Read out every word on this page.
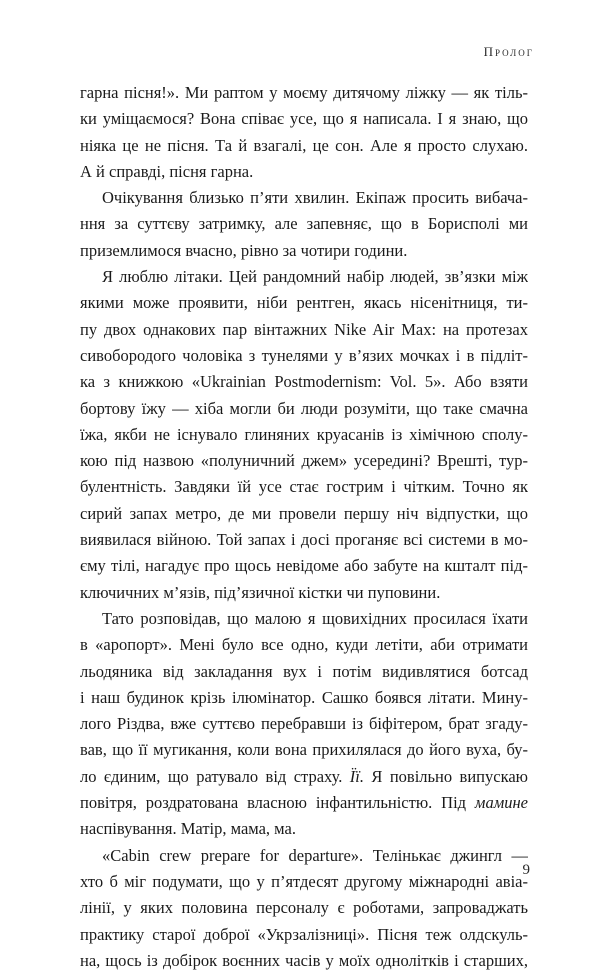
Пролог
гарна пісня!». Ми раптом у моєму дитячому ліжку — як тіль-
ки уміщаємося? Вона співає усе, що я написала. І я знаю, що
ніяка це не пісня. Та й взагалі, це сон. Але я просто слухаю.
А й справді, пісня гарна.
Очікування близько п’яти хвилин. Екіпаж просить вибача-
ння за суттєву затримку, але запевняє, що в Борисполі ми
приземлимося вчасно, рівно за чотири години.
Я люблю літаки. Цей рандомний набір людей, зв’язки між
якими може проявити, ніби рентген, якась нісенітниця, ти-
пу двох однакових пар вінтажних Nike Air Max: на протезах
сивобородого чоловіка з тунелями у в’язих мочках і в підліт-
ка з книжкою «Ukrainian Postmodernism: Vol. 5». Або взяти
бортову їжу — хіба могли би люди розуміти, що таке смачна
їжа, якби не існувало глиняних круасанів із хімічною сполу-
кою під назвою «полуничний джем» усередині? Врешті, тур-
булентність. Завдяки їй усе стає гострим і чітким. Точно як
сирий запах метро, де ми провели першу ніч відпустки, що
виявилася війною. Той запах і досі проганяє всі системи в мо-
єму тілі, нагадує про щось невідоме або забуте на кшталт під-
ключичних м’язів, під’язичної кістки чи пуповини.
Тато розповідав, що малою я щовихідних просилася їхати
в «аропорт». Мені було все одно, куди летіти, аби отримати
льодяника від закладання вух і потім видивлятися ботсад
і наш будинок крізь ілюмінатор. Сашко боявся літати. Мину-
лого Різдва, вже суттєво перебравши із біфітером, брат згаду-
вав, що її мугикання, коли вона прихилялася до його вуха, бу-
ло єдиним, що ратувало від страху. Її. Я повільно випускаю
повітря, роздратована власною інфантильністю. Під мамине
наспівування. Матір, мама, ма.
«Cabin crew prepare for departure». Телінькає джингл —
хто б міг подумати, що у п’ятдесят другому міжнародні авіа-
лінії, у яких половина персоналу є роботами, запроваджать
практику старої доброї «Укрзалізниці». Пісня теж олдскуль-
на, щось із добірок воєнних часів у моїх однолітків і старших,
9
